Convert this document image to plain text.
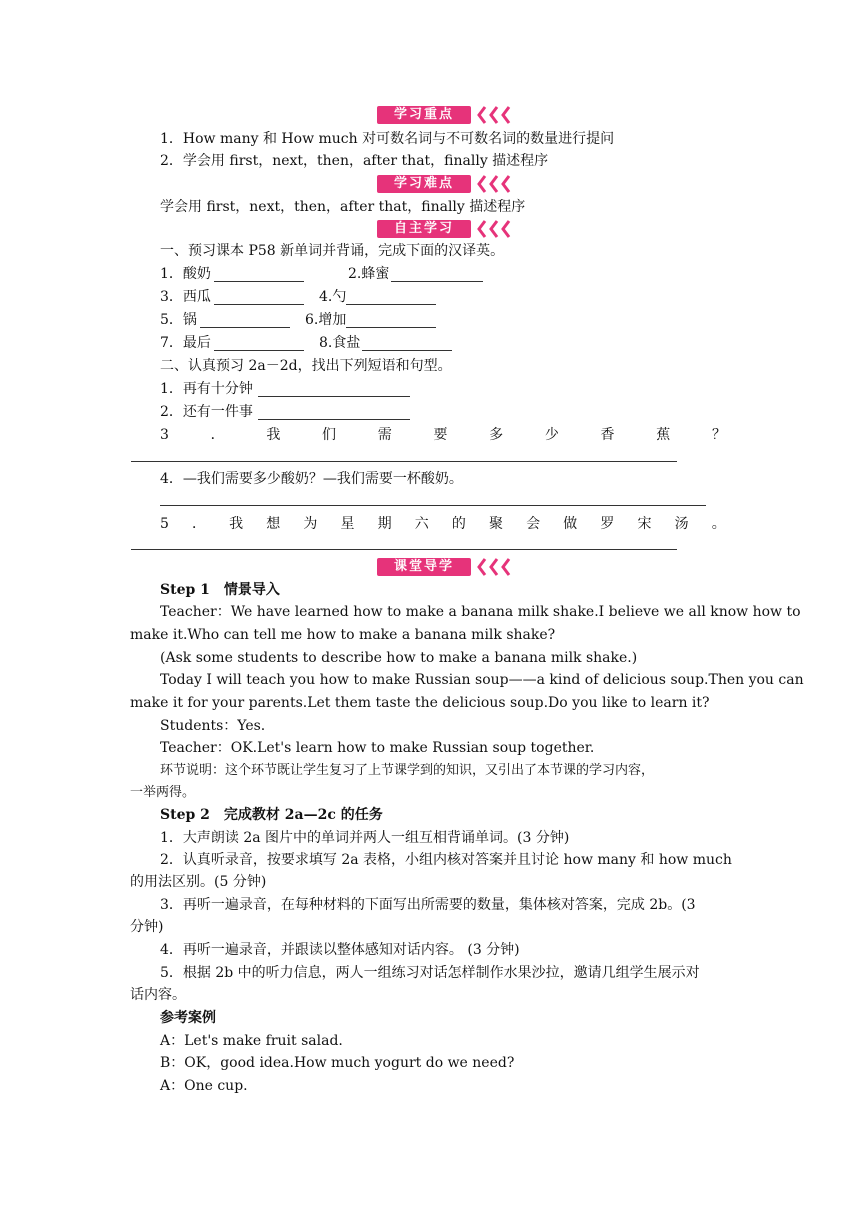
学习重点
1．How many 和 How much 对可数名词与不可数名词的数量进行提问
2．学会用 first，next，then，after that，finally 描述程序
学习难点
学会用 first，next，then，after that，finally 描述程序
自主学习
一、预习课本 P58 新单词并背诵，完成下面的汉译英。
1．酸奶	2.蜂蜜
3．西瓜	4.勺
5．锅	6.增加
7．最后	8.食盐
二、认真预习 2a－2d，找出下列短语和句型。
1．再有十分钟
2．还有一件事
3	．	我	们	需	要	多	少	香	蕉	？
4．—我们需要多少酸奶？—我们需要一杯酸奶。
5 ． 我 想 为 星 期 六 的 聚 会 做 罗 宋 汤 。
课堂导学
Step 1　情景导入
Teacher：We have learned how to make a banana milk shake.I believe we all know how to
make it.Who can tell me how to make a banana milk shake?
(Ask some students to describe how to make a banana milk shake.)
Today I will teach you how to make Russian soup——a kind of delicious soup.Then you can
make it for your parents.Let them taste the delicious soup.Do you like to learn it?
Students：Yes.
Teacher：OK.Let's learn how to make Russian soup together.
环节说明：这个环节既让学生复习了上节课学到的知识，又引出了本节课的学习内容，
一举两得。
Step 2　完成教材 2a—2c 的任务
1．大声朗读 2a 图片中的单词并两人一组互相背诵单词。(3 分钟)
2．认真听录音，按要求填写 2a 表格，小组内核对答案并且讨论 how many 和 how much
的用法区别。(5 分钟)
3．再听一遍录音，在每种材料的下面写出所需要的数量，集体核对答案，完成 2b。(3
分钟)
4．再听一遍录音，并跟读以整体感知对话内容。 (3 分钟)
5．根据 2b 中的听力信息，两人一组练习对话怎样制作水果沙拉，邀请几组学生展示对
话内容。
参考案例
A：Let's make fruit salad.
B：OK，good idea.How much yogurt do we need?
A：One cup.
